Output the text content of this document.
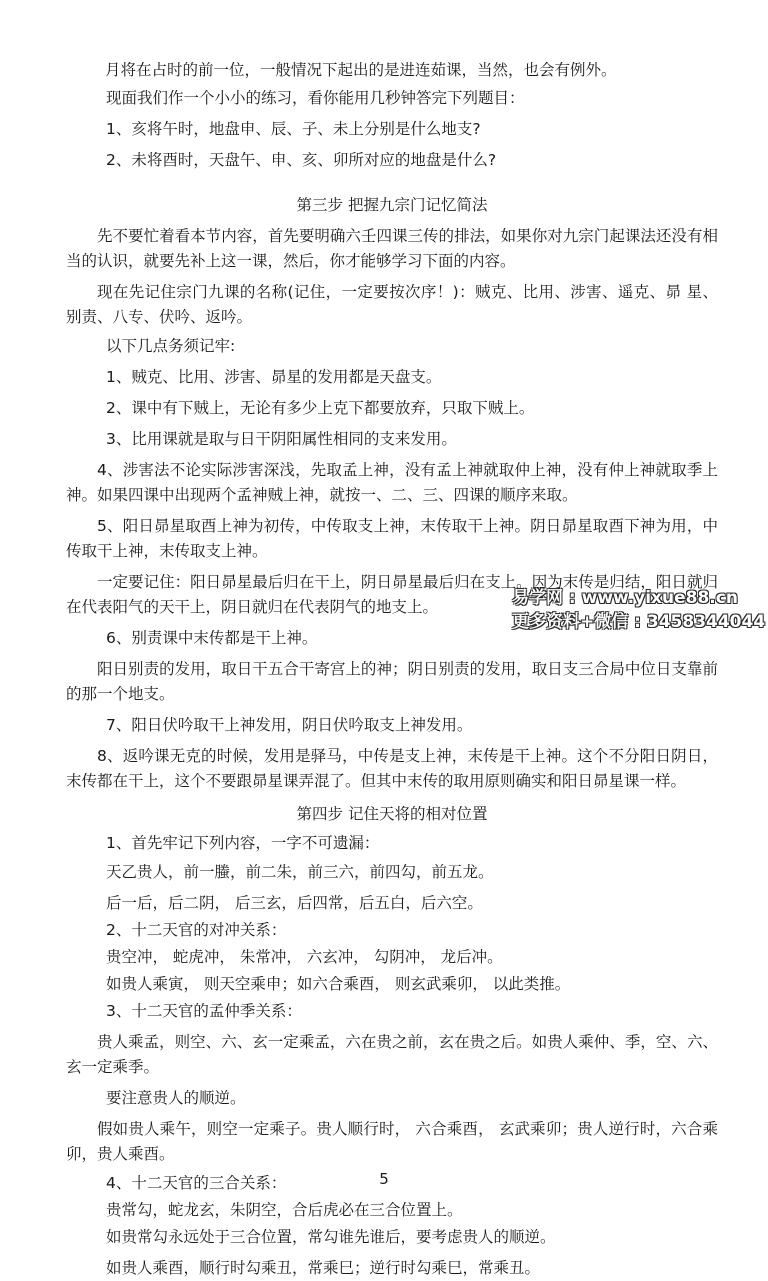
月将在占时的前一位，一般情况下起出的是进连茹课，当然，也会有例外。

现面我们作一个小小的练习，看你能用几秒钟答完下列题目：

1、亥将午时，地盘申、辰、子、未上分别是什么地支?

2、未将酉时，天盘午、申、亥、卯所对应的地盘是什么?

第三步 把握九宗门记忆简法

先不要忙着看本节内容，首先要明确六壬四课三传的排法，如果你对九宗门起课法还没有相当的认识，就要先补上这一课，然后，你才能够学习下面的内容。

现在先记住宗门九课的名称(记住，一定要按次序！)：贼克、比用、涉害、遥克、昴 星、别责、八专、伏吟、返吟。

以下几点务须记牢:

1、贼克、比用、涉害、昴星的发用都是天盘支。

2、课中有下贼上，无论有多少上克下都要放弃，只取下贼上。

3、比用课就是取与日干阴阳属性相同的支来发用。

4、涉害法不论实际涉害深浅，先取孟上神，没有孟上神就取仲上神，没有仲上神就取季上神。如果四课中出现两个孟神贼上神，就按一、二、三、四课的顺序来取。

5、阳日昴星取酉上神为初传，中传取支上神，末传取干上神。阴日昴星取酉下神为用，中传取干上神，末传取支上神。

一定要记住：阳日昴星最后归在干上，阴日昴星最后归在支上。因为末传是归结，阳日就归在代表阳气的天干上，阴日就归在代表阴气的地支上。

6、别责课中末传都是干上神。

阳日别责的发用，取日干五合干寄宫上的神；阴日别责的发用，取日支三合局中位日支靠前的那一个地支。

7、阳日伏吟取干上神发用，阴日伏吟取支上神发用。

8、返吟课无克的时候，发用是驿马，中传是支上神，末传是干上神。这个不分阳日阴日，末传都在干上，这个不要跟昴星课弄混了。但其中末传的取用原则确实和阳日昴星课一样。

第四步 记住天将的相对位置

1、首先牢记下列内容，一字不可遗漏：

天乙贵人，前一螣，前二朱，前三六，前四勾，前五龙。

后一后，后二阴， 后三玄，后四常，后五白，后六空。

2、十二天官的对冲关系：

贵空冲， 蛇虎冲， 朱常冲， 六玄冲， 勾阴冲， 龙后冲。

如贵人乘寅， 则天空乘申；如六合乘酉， 则玄武乘卯， 以此类推。

3、十二天官的孟仲季关系：

贵人乘孟，则空、六、玄一定乘孟，六在贵之前，玄在贵之后。如贵人乘仲、季，空、六、玄一定乘季。

要注意贵人的顺逆。

假如贵人乘午，则空一定乘子。贵人顺行时， 六合乘酉， 玄武乘卯；贵人逆行时，六合乘卯，贵人乘酉。

4、十二天官的三合关系：

贵常勾，蛇龙玄，朱阴空，合后虎必在三合位置上。

如贵常勾永远处于三合位置，常勾谁先谁后，要考虑贵人的顺逆。

如贵人乘酉，顺行时勾乘丑，常乘巳；逆行时勾乘巳，常乘丑。

易学网 : www.yixue88.cn
更多资料+微信 : 3458344044
5
